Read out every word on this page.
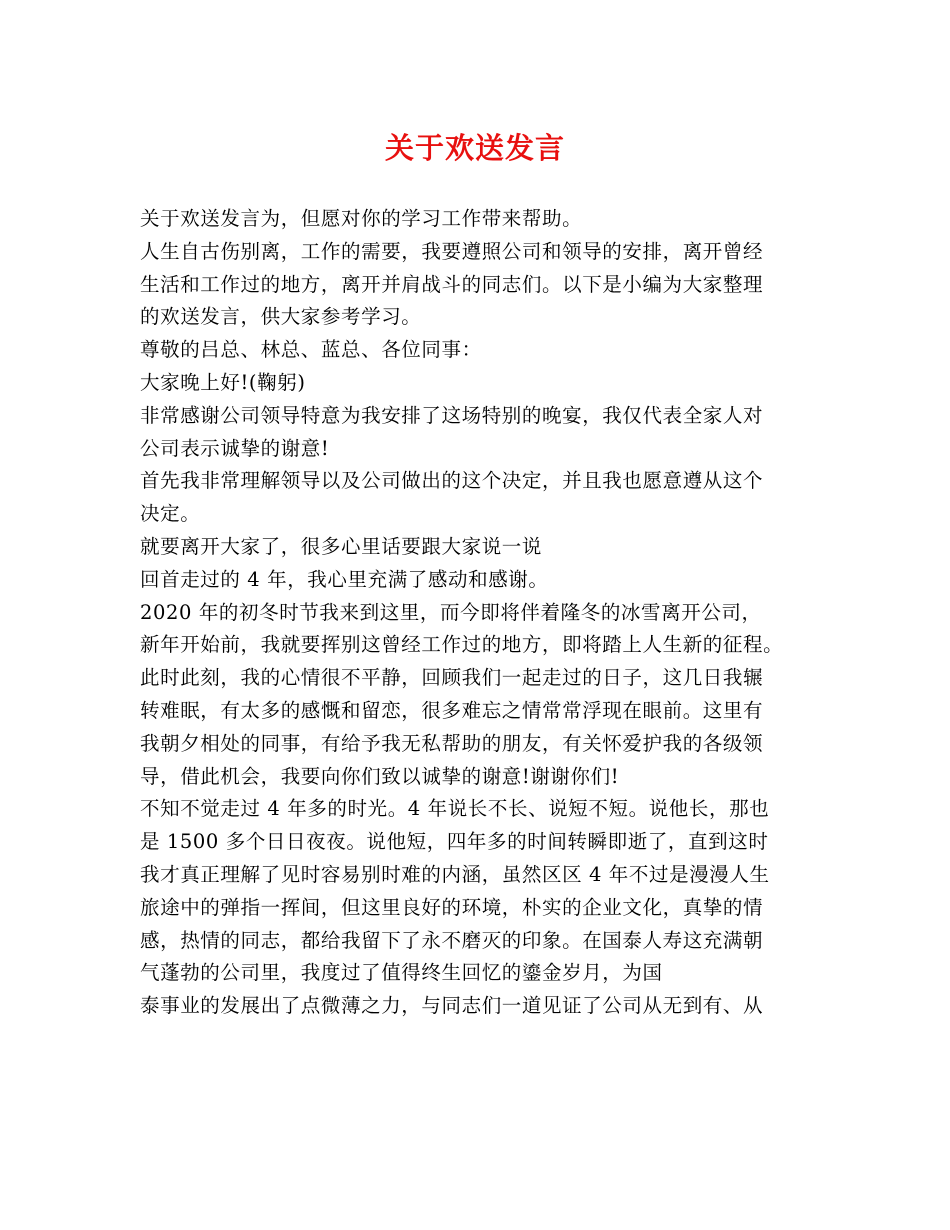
关于欢送发言
关于欢送发言为，但愿对你的学习工作带来帮助。
人生自古伤别离，工作的需要，我要遵照公司和领导的安排，离开曾经
生活和工作过的地方，离开并肩战斗的同志们。以下是小编为大家整理
的欢送发言，供大家参考学习。
尊敬的吕总、林总、蓝总、各位同事：
大家晚上好!(鞠躬)
非常感谢公司领导特意为我安排了这场特别的晚宴，我仅代表全家人对
公司表示诚挚的谢意!
首先我非常理解领导以及公司做出的这个决定，并且我也愿意遵从这个
决定。
就要离开大家了，很多心里话要跟大家说一说
回首走过的 4 年，我心里充满了感动和感谢。
2020 年的初冬时节我来到这里，而今即将伴着隆冬的冰雪离开公司，
新年开始前，我就要挥别这曾经工作过的地方，即将踏上人生新的征程。
此时此刻，我的心情很不平静，回顾我们一起走过的日子，这几日我辗
转难眠，有太多的感慨和留恋，很多难忘之情常常浮现在眼前。这里有
我朝夕相处的同事，有给予我无私帮助的朋友，有关怀爱护我的各级领
导，借此机会，我要向你们致以诚挚的谢意!谢谢你们!
不知不觉走过 4 年多的时光。4 年说长不长、说短不短。说他长，那也
是 1500 多个日日夜夜。说他短，四年多的时间转瞬即逝了，直到这时
我才真正理解了见时容易别时难的内涵，虽然区区 4 年不过是漫漫人生
旅途中的弹指一挥间，但这里良好的环境，朴实的企业文化，真挚的情
感，热情的同志，都给我留下了永不磨灭的印象。在国泰人寿这充满朝
气蓬勃的公司里，我度过了值得终生回忆的鎏金岁月，为国
泰事业的发展出了点微薄之力，与同志们一道见证了公司从无到有、从
